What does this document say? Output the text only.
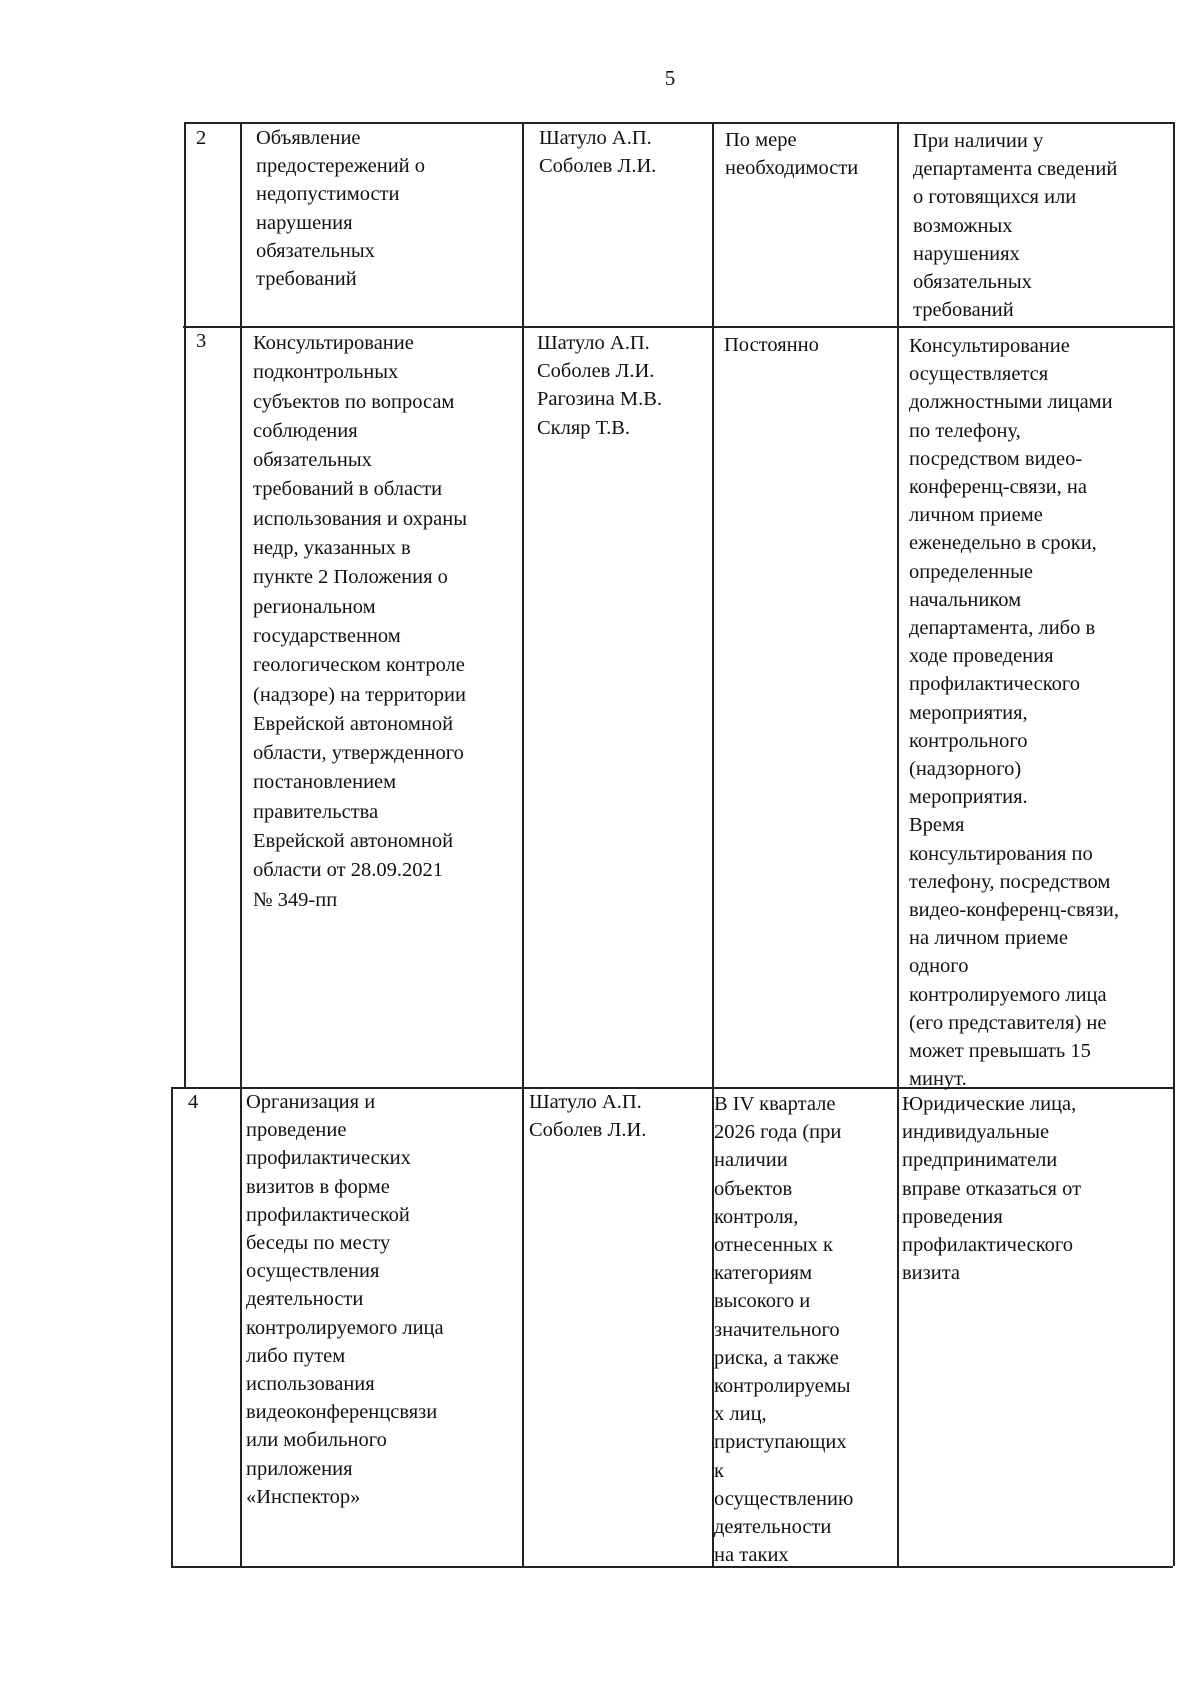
5

2 Объявление
предостережений о
недопустимости
нарушения
обязательных
требований

Шатуло А.П.
Соболев Л.И.

По мере
необходимости

При наличии у
департамента сведений
о готовящихся или
возможных
нарушениях
обязательных
требований

3 Консультирование
подконтрольных
субъектов по вопросам
соблюдения
обязательных
требований в области
использования и охраны
недр, указанных в
пункте 2 Положения о
региональном
государственном
геологическом контроле
(надзоре) на территории
Еврейской автономной
области, утвержденного
постановлением
правительства
Еврейской автономной
области от 28.09.2021
№ 349-пп

Шатуло А.П.
Соболев Л.И.
Рагозина М.В.
Скляр Т.В.

Постоянно	Консультирование
осуществляется
должностными лицами
по телефону,
посредством видео-
конференц-связи, на
личном приеме
еженедельно в сроки,
определенные
начальником
департамента, либо в
ходе проведения
профилактического
мероприятия,
контрольного
(надзорного)
мероприятия.
Время
консультирования по
телефону, посредством
видео-конференц-связи,
на личном приеме
одного
контролируемого лица
(его представителя) не
может превышать 15
минут.

4 Организация и
проведение
профилактических
визитов в форме
профилактической
беседы по месту
осуществления
деятельности
контролируемого лица
либо путем
использования
видеоконференцсвязи
или мобильного
приложения
«Инспектор»

Шатуло А.П.
Соболев Л.И.

В IV квартале
2026 года (при
наличии
объектов
контроля,
отнесенных к
категориям
высокого и
значительного
риска, а также
контролируемы
х лиц,
приступающих
к
осуществлению
деятельности
на таких

Юридические лица,
индивидуальные
предприниматели
вправе отказаться от
проведения
профилактического
визита
